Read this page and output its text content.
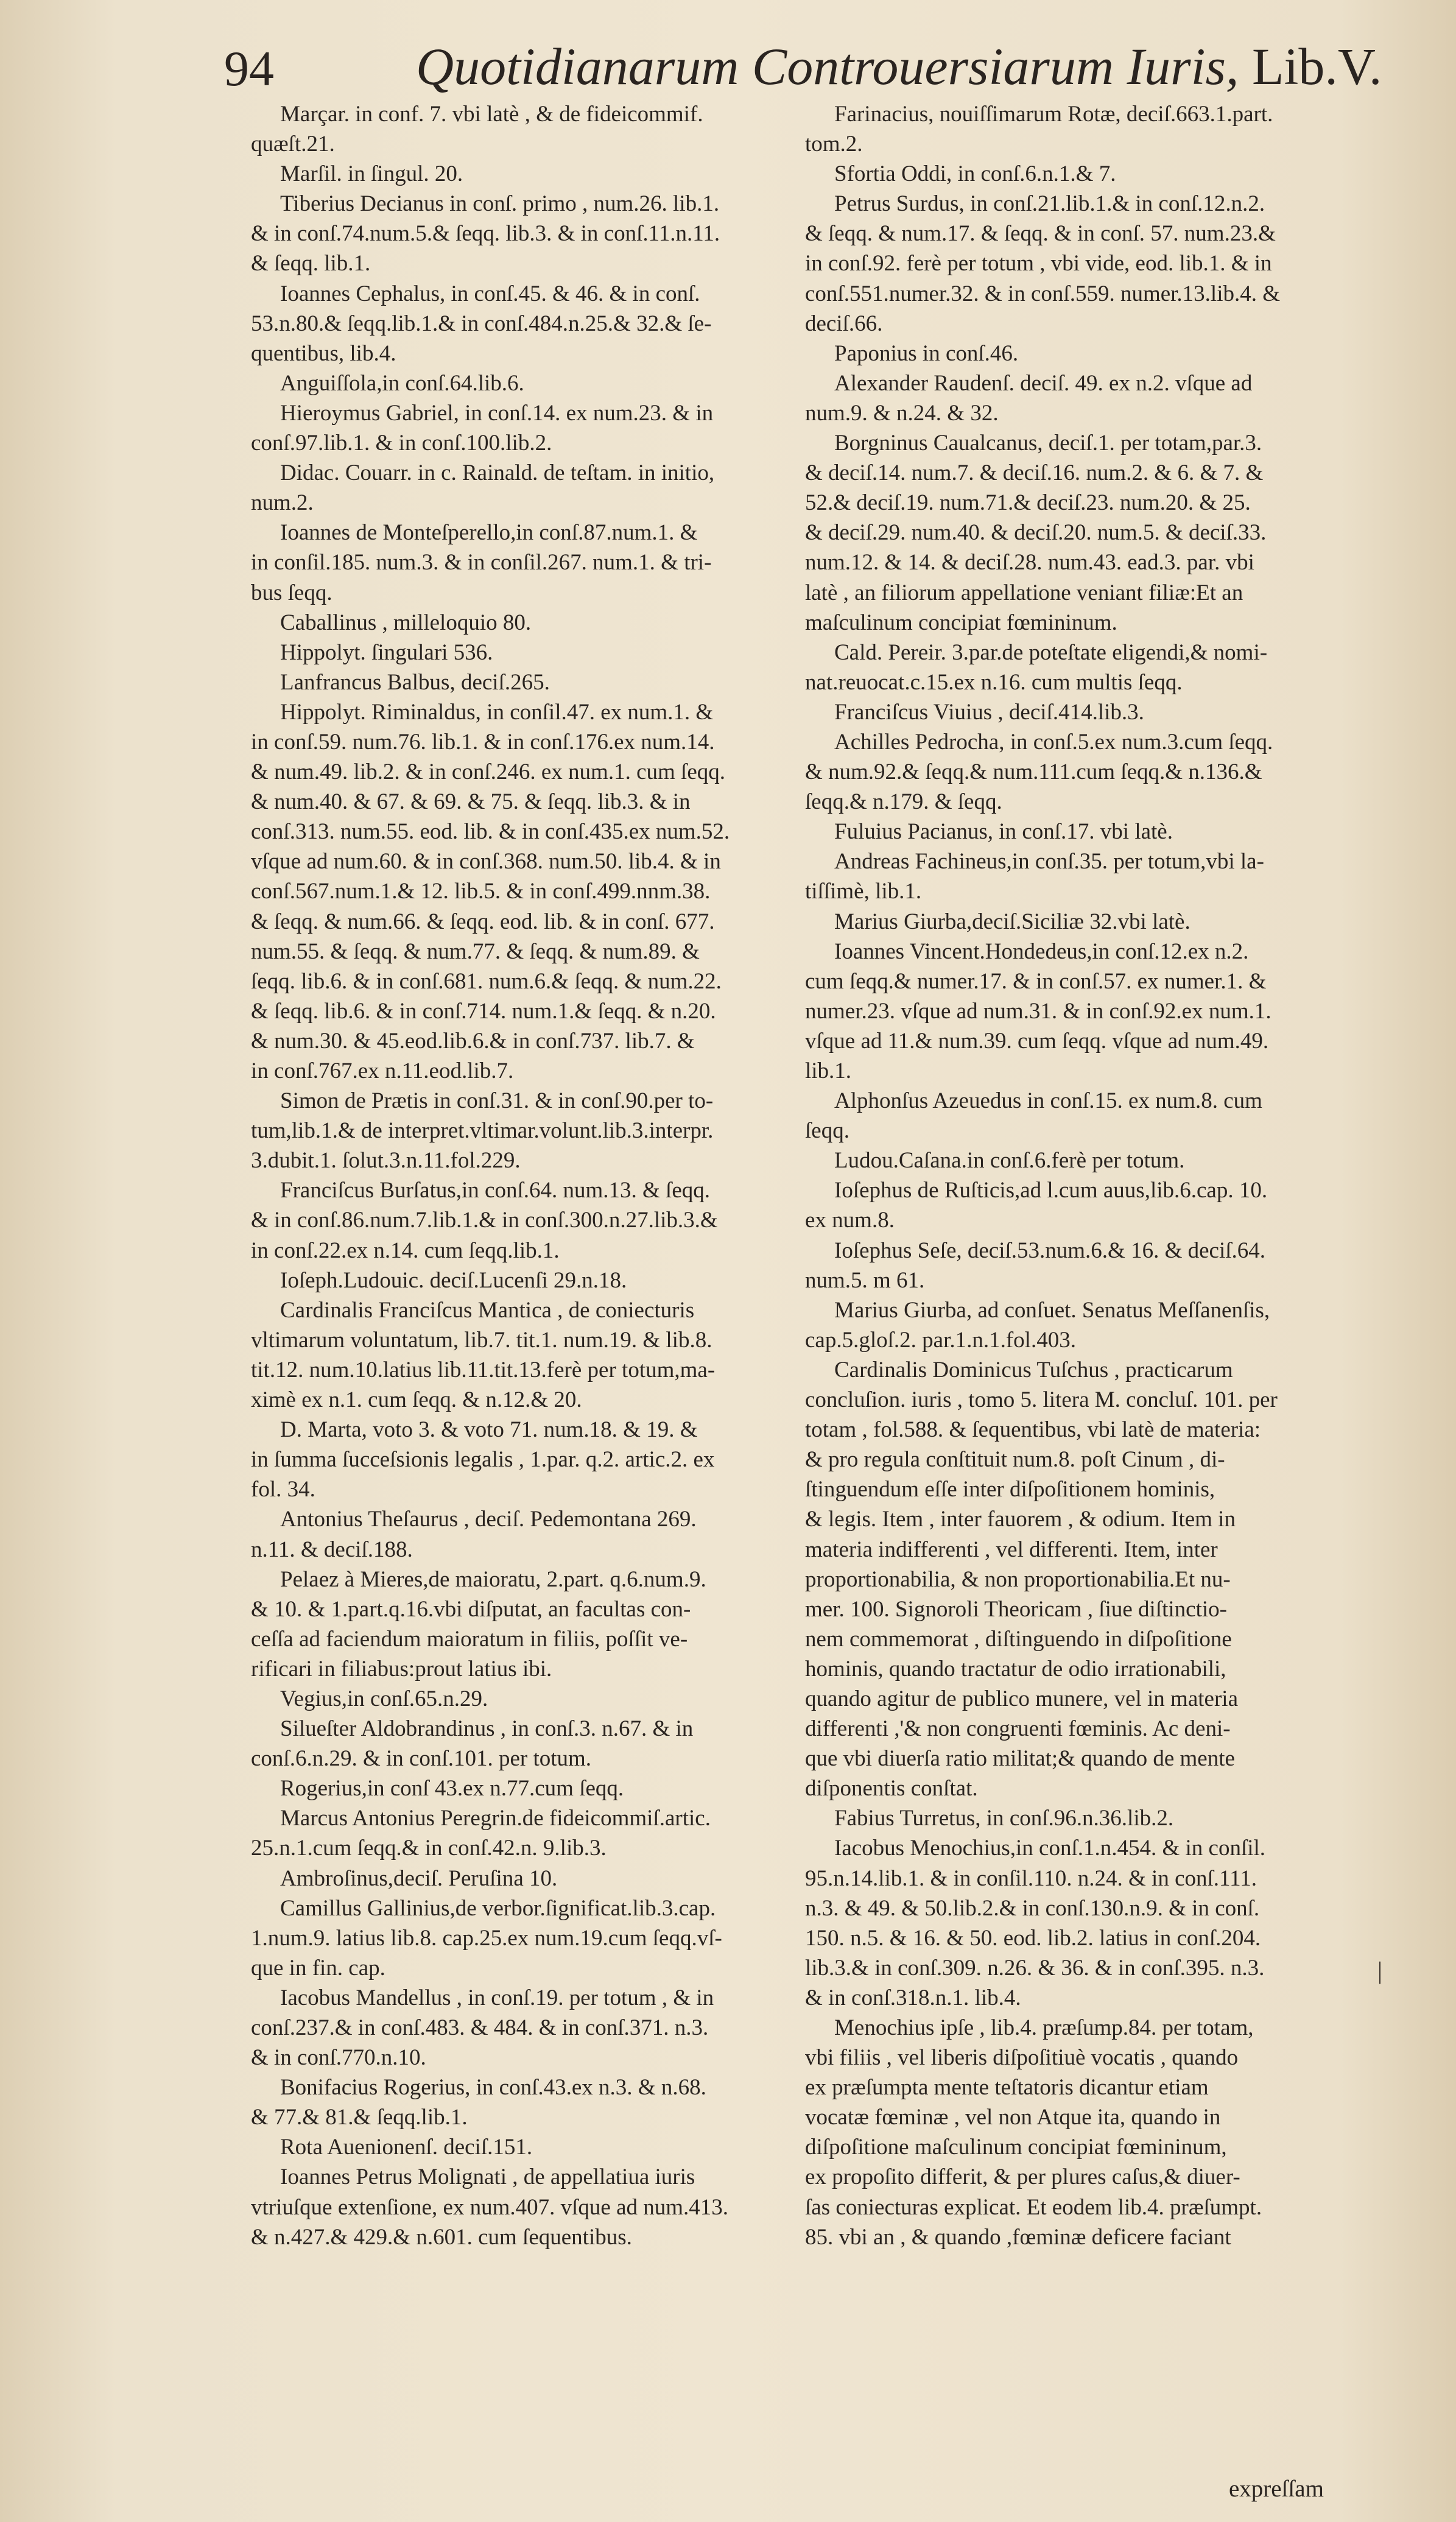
94	Quotidianarum Controuersiarum Iuris, Lib.V.
Marçar. in conf. 7. vbi latè , & de fideicommif.
quæſt.21.
Marſil. in ſingul. 20.
Tiberius Decianus in conſ. primo , num.26. lib.1.
& in conſ.74.num.5.& ſeqq. lib.3. & in conſ.11.n.11.
& ſeqq. lib.1.
Ioannes Cephalus, in conſ.45. & 46. & in conſ.
53.n.80.& ſeqq.lib.1.& in conſ.484.n.25.& 32.& ſe-
quentibus, lib.4.
Anguiſſola,in conſ.64.lib.6.
Hieroymus Gabriel, in conſ.14. ex num.23. & in
conſ.97.lib.1. & in conſ.100.lib.2.
Didac. Couarr. in c. Rainald. de teſtam. in initio,
num.2.
Ioannes de Monteſperello,in conſ.87.num.1. &
in conſil.185. num.3. & in conſil.267. num.1. & tri-
bus ſeqq.
Caballinus , milleloquio 80.
Hippolyt. ſingulari 536.
Lanfrancus Balbus, deciſ.265.
Hippolyt. Riminaldus, in conſil.47. ex num.1. &
in conſ.59. num.76. lib.1. & in conſ.176.ex num.14.
& num.49. lib.2. & in conſ.246. ex num.1. cum ſeqq.
& num.40. & 67. & 69. & 75. & ſeqq. lib.3. & in
conſ.313. num.55. eod. lib. & in conſ.435.ex num.52.
vſque ad num.60. & in conſ.368. num.50. lib.4. & in
conſ.567.num.1.& 12. lib.5. & in conſ.499.nnm.38.
& ſeqq. & num.66. & ſeqq. eod. lib. & in conſ. 677.
num.55. & ſeqq. & num.77. & ſeqq. & num.89. &
ſeqq. lib.6. & in conſ.681. num.6.& ſeqq. & num.22.
& ſeqq. lib.6. & in conſ.714. num.1.& ſeqq. & n.20.
& num.30. & 45.eod.lib.6.& in conſ.737. lib.7. &
in conſ.767.ex n.11.eod.lib.7.
Simon de Prætis in conſ.31. & in conſ.90.per to-
tum,lib.1.& de interpret.vltimar.volunt.lib.3.interpr.
3.dubit.1. ſolut.3.n.11.fol.229.
Franciſcus Burſatus,in conſ.64. num.13. & ſeqq.
& in conſ.86.num.7.lib.1.& in conſ.300.n.27.lib.3.&
in conſ.22.ex n.14. cum ſeqq.lib.1.
Ioſeph.Ludouic. deciſ.Lucenſi 29.n.18.
Cardinalis Franciſcus Mantica , de coniecturis
vltimarum voluntatum, lib.7. tit.1. num.19. & lib.8.
tit.12. num.10.latius lib.11.tit.13.ferè per totum,ma-
ximè ex n.1. cum ſeqq. & n.12.& 20.
D. Marta, voto 3. & voto 71. num.18. & 19. &
in ſumma ſucceſsionis legalis , 1.par. q.2. artic.2. ex
fol. 34.
Antonius Theſaurus , deciſ. Pedemontana 269.
n.11. & deciſ.188.
Pelaez à Mieres,de maioratu, 2.part. q.6.num.9.
& 10. & 1.part.q.16.vbi diſputat, an facultas con-
ceſſa ad faciendum maioratum in filiis, poſſit ve-
rificari in filiabus:prout latius ibi.
Vegius,in conſ.65.n.29.
Silueſter Aldobrandinus , in conſ.3. n.67. & in
conſ.6.n.29. & in conſ.101. per totum.
Rogerius,in conſ 43.ex n.77.cum ſeqq.
Marcus Antonius Peregrin.de fideicommiſ.artic.
25.n.1.cum ſeqq.& in conſ.42.n. 9.lib.3.
Ambroſinus,deciſ. Peruſina 10.
Camillus Gallinius,de verbor.ſignificat.lib.3.cap.
1.num.9. latius lib.8. cap.25.ex num.19.cum ſeqq.vſ-
que in fin. cap.
Iacobus Mandellus , in conſ.19. per totum , & in
conſ.237.& in conſ.483. & 484. & in conſ.371. n.3.
& in conſ.770.n.10.
Bonifacius Rogerius, in conſ.43.ex n.3. & n.68.
& 77.& 81.& ſeqq.lib.1.
Rota Auenionenſ. deciſ.151.
Ioannes Petrus Molignati , de appellatiua iuris
vtriuſque extenſione, ex num.407. vſque ad num.413.
& n.427.& 429.& n.601. cum ſequentibus.
Farinacius, nouiſſimarum Rotæ, deciſ.663.1.part.
tom.2.
Sfortia Oddi, in conſ.6.n.1.& 7.
Petrus Surdus, in conſ.21.lib.1.& in conſ.12.n.2.
& ſeqq. & num.17. & ſeqq. & in conſ. 57. num.23.&
in conſ.92. ferè per totum , vbi vide, eod. lib.1. & in
conſ.551.numer.32. & in conſ.559. numer.13.lib.4. &
deciſ.66.
Paponius in conſ.46.
Alexander Raudenſ. deciſ. 49. ex n.2. vſque ad
num.9. & n.24. & 32.
Borgninus Caualcanus, deciſ.1. per totam,par.3.
& deciſ.14. num.7. & deciſ.16. num.2. & 6. & 7. &
52.& deciſ.19. num.71.& deciſ.23. num.20. & 25.
& deciſ.29. num.40. & deciſ.20. num.5. & deciſ.33.
num.12. & 14. & deciſ.28. num.43. ead.3. par. vbi
latè , an filiorum appellatione veniant filiæ:Et an
maſculinum concipiat fœmininum.
Cald. Pereir. 3.par.de poteſtate eligendi,& nomi-
nat.reuocat.c.15.ex n.16. cum multis ſeqq.
Franciſcus Viuius , deciſ.414.lib.3.
Achilles Pedrocha, in conſ.5.ex num.3.cum ſeqq.
& num.92.& ſeqq.& num.111.cum ſeqq.& n.136.&
ſeqq.& n.179. & ſeqq.
Fuluius Pacianus, in conſ.17. vbi latè.
Andreas Fachineus,in conſ.35. per totum,vbi la-
tiſſimè, lib.1.
Marius Giurba,deciſ.Siciliæ 32.vbi latè.
Ioannes Vincent.Hondedeus,in conſ.12.ex n.2.
cum ſeqq.& numer.17. & in conſ.57. ex numer.1. &
numer.23. vſque ad num.31. & in conſ.92.ex num.1.
vſque ad 11.& num.39. cum ſeqq. vſque ad num.49.
lib.1.
Alphonſus Azeuedus in conſ.15. ex num.8. cum
ſeqq.
Ludou.Caſana.in conſ.6.ferè per totum.
Ioſephus de Ruſticis,ad l.cum auus,lib.6.cap. 10.
ex num.8.
Ioſephus Seſe, deciſ.53.num.6.& 16. & deciſ.64.
num.5. m 61.
Marius Giurba, ad conſuet. Senatus Meſſanenſis,
cap.5.gloſ.2. par.1.n.1.fol.403.
Cardinalis Dominicus Tuſchus , practicarum
concluſion. iuris , tomo 5. litera M. concluſ. 101. per
totam , fol.588. & ſequentibus, vbi latè de materia:
& pro regula conſtituit num.8. poſt Cinum , di-
ſtinguendum eſſe inter diſpoſitionem hominis,
& legis. Item , inter fauorem , & odium. Item in
materia indifferenti , vel differenti. Item, inter
proportionabilia, & non proportionabilia.Et nu-
mer. 100. Signoroli Theoricam , ſiue diſtinctio-
nem commemorat , diſtinguendo in diſpoſitione
hominis, quando tractatur de odio irrationabili,
quando agitur de publico munere, vel in materia
differenti ,'& non congruenti fœminis. Ac deni-
que vbi diuerſa ratio militat;& quando de mente
diſponentis conſtat.
Fabius Turretus, in conſ.96.n.36.lib.2.
Iacobus Menochius,in conſ.1.n.454. & in conſil.
95.n.14.lib.1. & in conſil.110. n.24. & in conſ.111.
n.3. & 49. & 50.lib.2.& in conſ.130.n.9. & in conſ.
150. n.5. & 16. & 50. eod. lib.2. latius in conſ.204.
lib.3.& in conſ.309. n.26. & 36. & in conſ.395. n.3.
& in conſ.318.n.1. lib.4.
Menochius ipſe , lib.4. præſump.84. per totam,
vbi filiis , vel liberis diſpoſitiuè vocatis , quando
ex præſumpta mente teſtatoris dicantur etiam
vocatæ fœminæ , vel non Atque ita, quando in
diſpoſitione maſculinum concipiat fœmininum,
ex propoſito differit, & per plures caſus,& diuer-
ſas coniecturas explicat. Et eodem lib.4. præſumpt.
85. vbi an , & quando ,fœminæ deficere faciant
expreſſam
|
